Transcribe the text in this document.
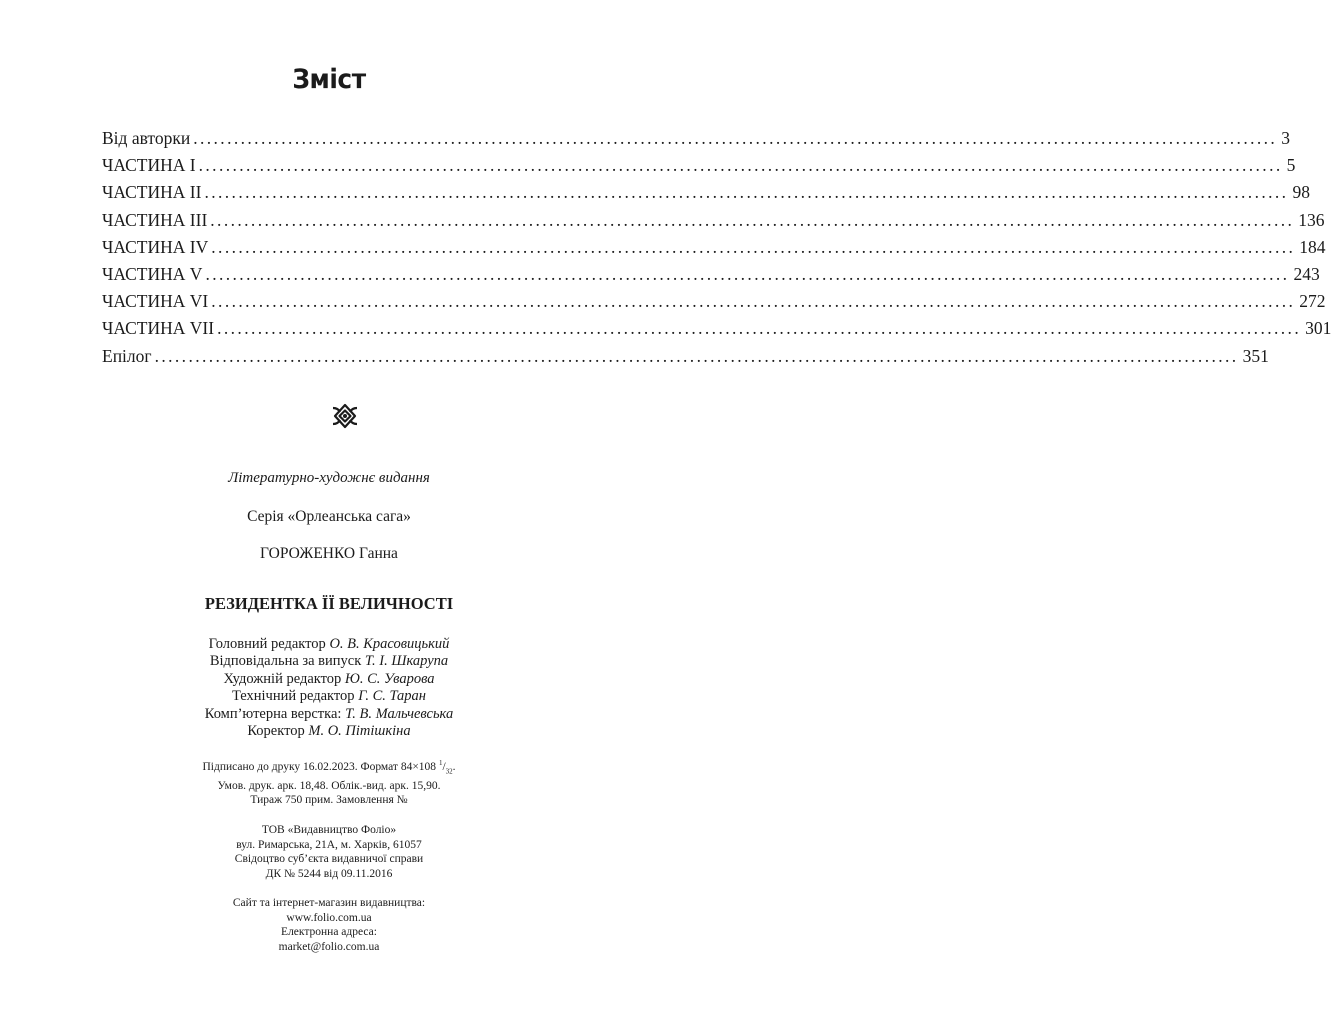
Зміст
Від авторки ................................................................................................................................................................ 3
ЧАСТИНА I ................................................................................................................................................................ 5
ЧАСТИНА II ................................................................................................................................................................ 98
ЧАСТИНА III ................................................................................................................................................................ 136
ЧАСТИНА IV ................................................................................................................................................................ 184
ЧАСТИНА V ................................................................................................................................................................ 243
ЧАСТИНА VI ................................................................................................................................................................ 272
ЧАСТИНА VII ................................................................................................................................................................ 301
Епілог ................................................................................................................................................................ 351
Літературно-художнє видання
Серія «Орлеанська сага»
ГОРОЖЕНКО Ганна
РЕЗИДЕНТКА ЇЇ ВЕЛИЧНОСТІ
Головний редактор О. В. Красовицький
Відповідальна за випуск Т. І. Шкарупа
Художній редактор Ю. С. Уварова
Технічний редактор Г. С. Таран
Комп’ютерна верстка: Т. В. Мальчевська
Коректор М. О. Пітішкіна
Підписано до друку 16.02.2023. Формат 84×108 $^1/_{32}$.
Умов. друк. арк. 18,48. Облік.-вид. арк. 15,90.
Тираж 750 прим. Замовлення №
ТОВ «Видавництво Фоліо»
вул. Римарська, 21А, м. Харків, 61057
Свідоцтво суб’єкта видавничої справи
ДК № 5244 від 09.11.2016
Сайт та інтернет-магазин видавництва:
www.folio.com.ua
Електронна адреса:
market@folio.com.ua
